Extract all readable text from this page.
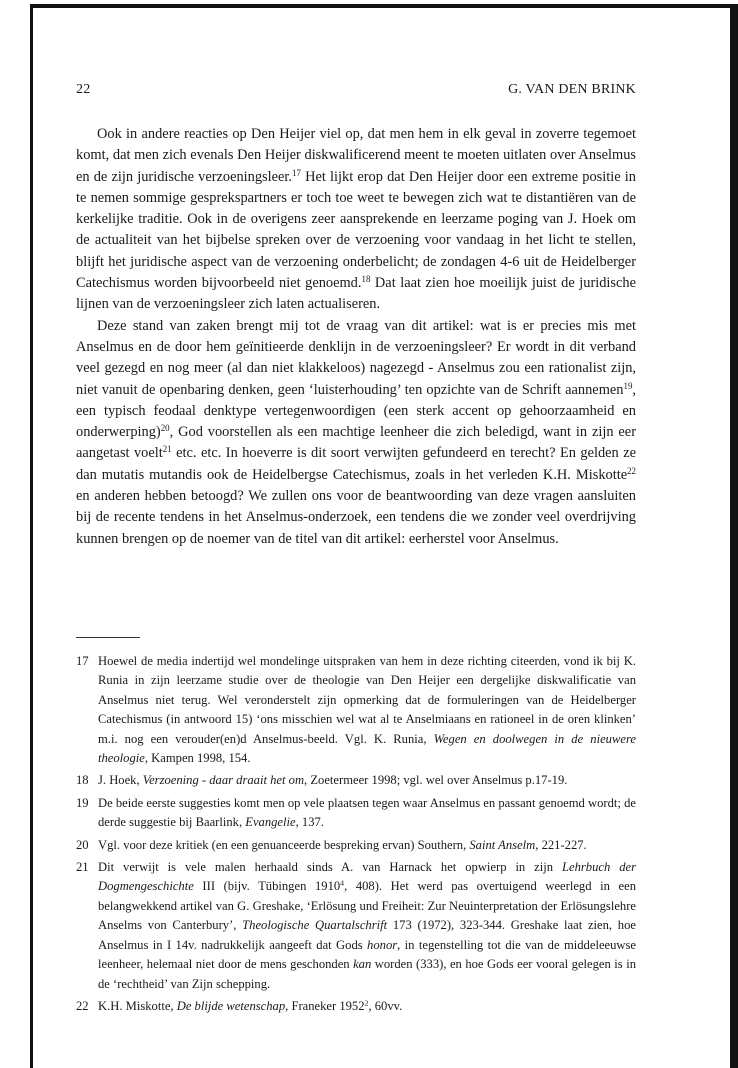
22	G. VAN DEN BRINK

Ook in andere reacties op Den Heijer viel op, dat men hem in elk geval in zoverre tegemoet komt, dat men zich evenals Den Heijer diskwalificerend meent te moeten uitlaten over Anselmus en de zijn juridische verzoeningsleer.$^{17}$ Het lijkt erop dat Den Heijer door een extreme positie in te nemen sommige gesprekspartners er toch toe weet te bewegen zich wat te distantiëren van de kerkelijke traditie. Ook in de overigens zeer aansprekende en leerzame poging van J. Hoek om de actualiteit van het bijbelse spreken over de verzoening voor vandaag in het licht te stellen, blijft het juridische aspect van de verzoening onderbelicht; de zondagen 4-6 uit de Heidelberger Catechismus worden bijvoorbeeld niet genoemd.$^{18}$ Dat laat zien hoe moeilijk juist de juridische lijnen van de verzoeningsleer zich laten actualiseren.

Deze stand van zaken brengt mij tot de vraag van dit artikel: wat is er precies mis met Anselmus en de door hem geïnitieerde denklijn in de verzoeningsleer? Er wordt in dit verband veel gezegd en nog meer (al dan niet klakkeloos) nagezegd - Anselmus zou een rationalist zijn, niet vanuit de openbaring denken, geen ‘luisterhouding’ ten opzichte van de Schrift aannemen$^{19}$, een typisch feodaal denktype vertegenwoordigen (een sterk accent op gehoorzaamheid en onderwerping)$^{20}$, God voorstellen als een machtige leenheer die zich beledigd, want in zijn eer aangetast voelt$^{21}$ etc. etc. In hoeverre is dit soort verwijten gefundeerd en terecht? En gelden ze dan mutatis mutandis ook de Heidelbergse Catechismus, zoals in het verleden K.H. Miskotte$^{22}$ en anderen hebben betoogd? We zullen ons voor de beantwoording van deze vragen aansluiten bij de recente tendens in het Anselmus-onderzoek, een tendens die we zonder veel overdrijving kunnen brengen op de noemer van de titel van dit artikel: eerherstel voor Anselmus.

17 Hoewel de media indertijd wel mondelinge uitspraken van hem in deze richting citeerden, vond ik bij K. Runia in zijn leerzame studie over de theologie van Den Heijer een dergelijke diskwalificatie van Anselmus niet terug. Wel veronderstelt zijn opmerking dat de formuleringen van de Heidelberger Catechismus (in antwoord 15) ‘ons misschien wel wat al te Anselmiaans en rationeel in de oren klinken’ m.i. nog een verouder(en)d Anselmus-beeld. Vgl. K. Runia, Wegen en doolwegen in de nieuwere theologie, Kampen 1998, 154.
18 J. Hoek, Verzoening - daar draait het om, Zoetermeer 1998; vgl. wel over Anselmus p.17-19.
19 De beide eerste suggesties komt men op vele plaatsen tegen waar Anselmus en passant genoemd wordt; de derde suggestie bij Baarlink, Evangelie, 137.
20 Vgl. voor deze kritiek (en een genuanceerde bespreking ervan) Southern, Saint Anselm, 221-227.
21 Dit verwijt is vele malen herhaald sinds A. van Harnack het opwierp in zijn Lehrbuch der Dogmengeschichte III (bijv. Tübingen 1910$^4$, 408). Het werd pas overtuigend weerlegd in een belangwekkend artikel van G. Greshake, ‘Erlösung und Freiheit: Zur Neuinterpretation der Erlösungslehre Anselms von Canterbury’, Theologische Quartalschrift 173 (1972), 323-344. Greshake laat zien, hoe Anselmus in I 14v. nadrukkelijk aangeeft dat Gods honor, in tegenstelling tot die van de middeleeuwse leenheer, helemaal niet door de mens geschonden kan worden (333), en hoe Gods eer vooral gelegen is in de ‘rechtheid’ van Zijn schepping.
22 K.H. Miskotte, De blijde wetenschap, Franeker 1952$^2$, 60vv.
